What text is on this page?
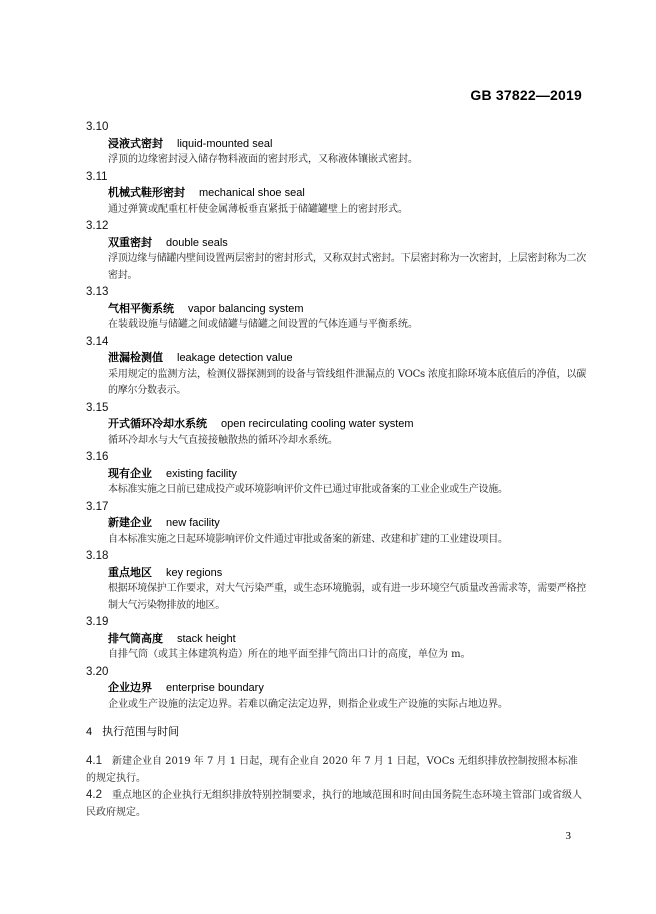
GB 37822—2019
3.10
浸液式密封 liquid-mounted seal
浮顶的边缘密封浸入储存物料液面的密封形式，又称液体镶嵌式密封。
3.11
机械式鞋形密封 mechanical shoe seal
通过弹簧或配重杠杆使金属薄板垂直紧抵于储罐罐壁上的密封形式。
3.12
双重密封 double seals
浮顶边缘与储罐内壁间设置两层密封的密封形式，又称双封式密封。下层密封称为一次密封，上层密封称为二次密封。
3.13
气相平衡系统 vapor balancing system
在装载设施与储罐之间或储罐与储罐之间设置的气体连通与平衡系统。
3.14
泄漏检测值 leakage detection value
采用规定的监测方法，检测仪器探测到的设备与管线组件泄漏点的 VOCs 浓度扣除环境本底值后的净值，以碳的摩尔分数表示。
3.15
开式循环冷却水系统 open recirculating cooling water system
循环冷却水与大气直接接触散热的循环冷却水系统。
3.16
现有企业 existing facility
本标准实施之日前已建成投产或环境影响评价文件已通过审批或备案的工业企业或生产设施。
3.17
新建企业 new facility
自本标准实施之日起环境影响评价文件通过审批或备案的新建、改建和扩建的工业建设项目。
3.18
重点地区 key regions
根据环境保护工作要求，对大气污染严重，或生态环境脆弱，或有进一步环境空气质量改善需求等，需要严格控制大气污染物排放的地区。
3.19
排气筒高度 stack height
自排气筒（或其主体建筑构造）所在的地平面至排气筒出口计的高度，单位为 m。
3.20
企业边界 enterprise boundary
企业或生产设施的法定边界。若难以确定法定边界，则指企业或生产设施的实际占地边界。
4 执行范围与时间
4.1 新建企业自 2019 年 7 月 1 日起，现有企业自 2020 年 7 月 1 日起，VOCs 无组织排放控制按照本标准的规定执行。
4.2 重点地区的企业执行无组织排放特别控制要求，执行的地域范围和时间由国务院生态环境主管部门或省级人民政府规定。
3
